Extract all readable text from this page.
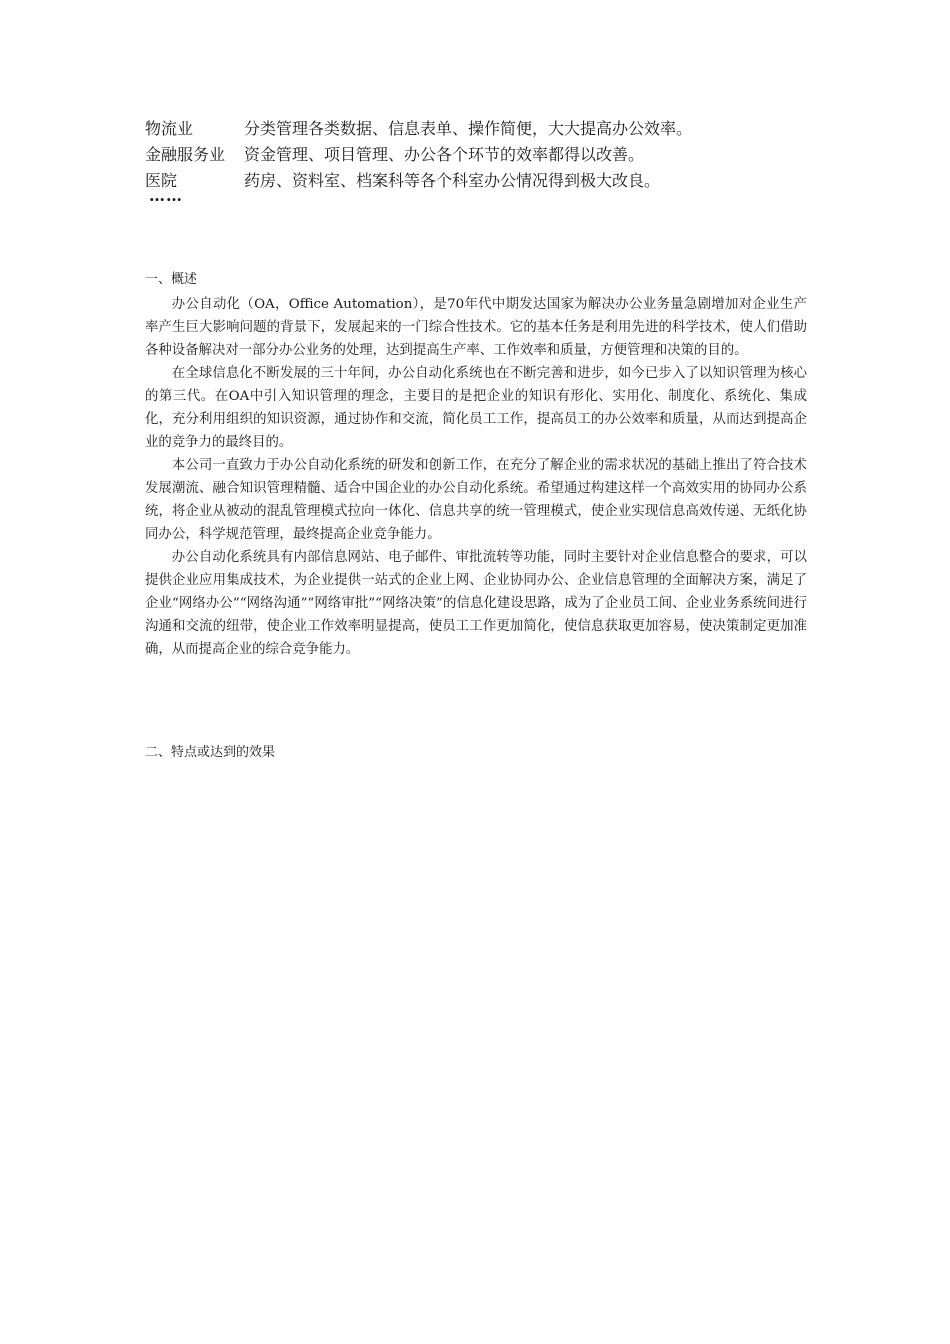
物流业	分类管理各类数据、信息表单、操作简便，大大提高办公效率。
金融服务业	资金管理、项目管理、办公各个环节的效率都得以改善。
医院	药房、资料室、档案科等各个科室办公情况得到极大改良。
……
一、概述

办公自动化（OA，Office Automation），是70年代中期发达国家为解决办公业务量急剧增加对企业生产率产生巨大影响问题的背景下，发展起来的一门综合性技术。它的基本任务是利用先进的科学技术，使人们借助各种设备解决对一部分办公业务的处理，达到提高生产率、工作效率和质量，方便管理和决策的目的。

在全球信息化不断发展的三十年间，办公自动化系统也在不断完善和进步，如今已步入了以知识管理为核心的第三代。在OA中引入知识管理的理念，主要目的是把企业的知识有形化、实用化、制度化、系统化、集成化，充分利用组织的知识资源，通过协作和交流，简化员工工作，提高员工的办公效率和质量，从而达到提高企业的竞争力的最终目的。

本公司一直致力于办公自动化系统的研发和创新工作，在充分了解企业的需求状况的基础上推出了符合技术发展潮流、融合知识管理精髓、适合中国企业的办公自动化系统。希望通过构建这样一个高效实用的协同办公系统，将企业从被动的混乱管理模式拉向一体化、信息共享的统一管理模式，使企业实现信息高效传递、无纸化协同办公，科学规范管理，最终提高企业竞争能力。

办公自动化系统具有内部信息网站、电子邮件、审批流转等功能，同时主要针对企业信息整合的要求，可以提供企业应用集成技术，为企业提供一站式的企业上网、企业协同办公、企业信息管理的全面解决方案，满足了企业“网络办公”“网络沟通”“网络审批”“网络决策”的信息化建设思路，成为了企业员工间、企业业务系统间进行沟通和交流的纽带，使企业工作效率明显提高，使员工工作更加简化，使信息获取更加容易，使决策制定更加准确，从而提高企业的综合竞争能力。

二、特点或达到的效果
